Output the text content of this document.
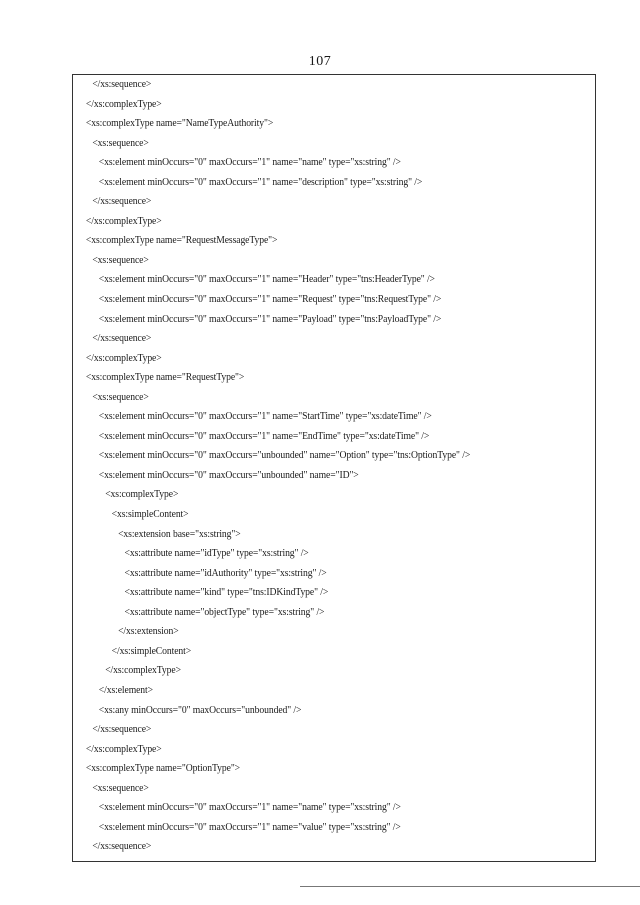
107
</xs:sequence>
</xs:complexType>
<xs:complexType name="NameTypeAuthority">
<xs:sequence>
<xs:element minOccurs="0" maxOccurs="1" name="name" type="xs:string" />
<xs:element minOccurs="0" maxOccurs="1" name="description" type="xs:string" />
</xs:sequence>
</xs:complexType>
<xs:complexType name="RequestMessageType">
<xs:sequence>
<xs:element minOccurs="0" maxOccurs="1" name="Header" type="tns:HeaderType" />
<xs:element minOccurs="0" maxOccurs="1" name="Request" type="tns:RequestType" />
<xs:element minOccurs="0" maxOccurs="1" name="Payload" type="tns:PayloadType" />
</xs:sequence>
</xs:complexType>
<xs:complexType name="RequestType">
<xs:sequence>
<xs:element minOccurs="0" maxOccurs="1" name="StartTime" type="xs:dateTime" />
<xs:element minOccurs="0" maxOccurs="1" name="EndTime" type="xs:dateTime" />
<xs:element minOccurs="0" maxOccurs="unbounded" name="Option" type="tns:OptionType" />
<xs:element minOccurs="0" maxOccurs="unbounded" name="ID">
<xs:complexType>
<xs:simpleContent>
<xs:extension base="xs:string">
<xs:attribute name="idType" type="xs:string" />
<xs:attribute name="idAuthority" type="xs:string" />
<xs:attribute name="kind" type="tns:IDKindType" />
<xs:attribute name="objectType" type="xs:string" />
</xs:extension>
</xs:simpleContent>
</xs:complexType>
</xs:element>
<xs:any minOccurs="0" maxOccurs="unbounded" />
</xs:sequence>
</xs:complexType>
<xs:complexType name="OptionType">
<xs:sequence>
<xs:element minOccurs="0" maxOccurs="1" name="name" type="xs:string" />
<xs:element minOccurs="0" maxOccurs="1" name="value" type="xs:string" />
</xs:sequence>
